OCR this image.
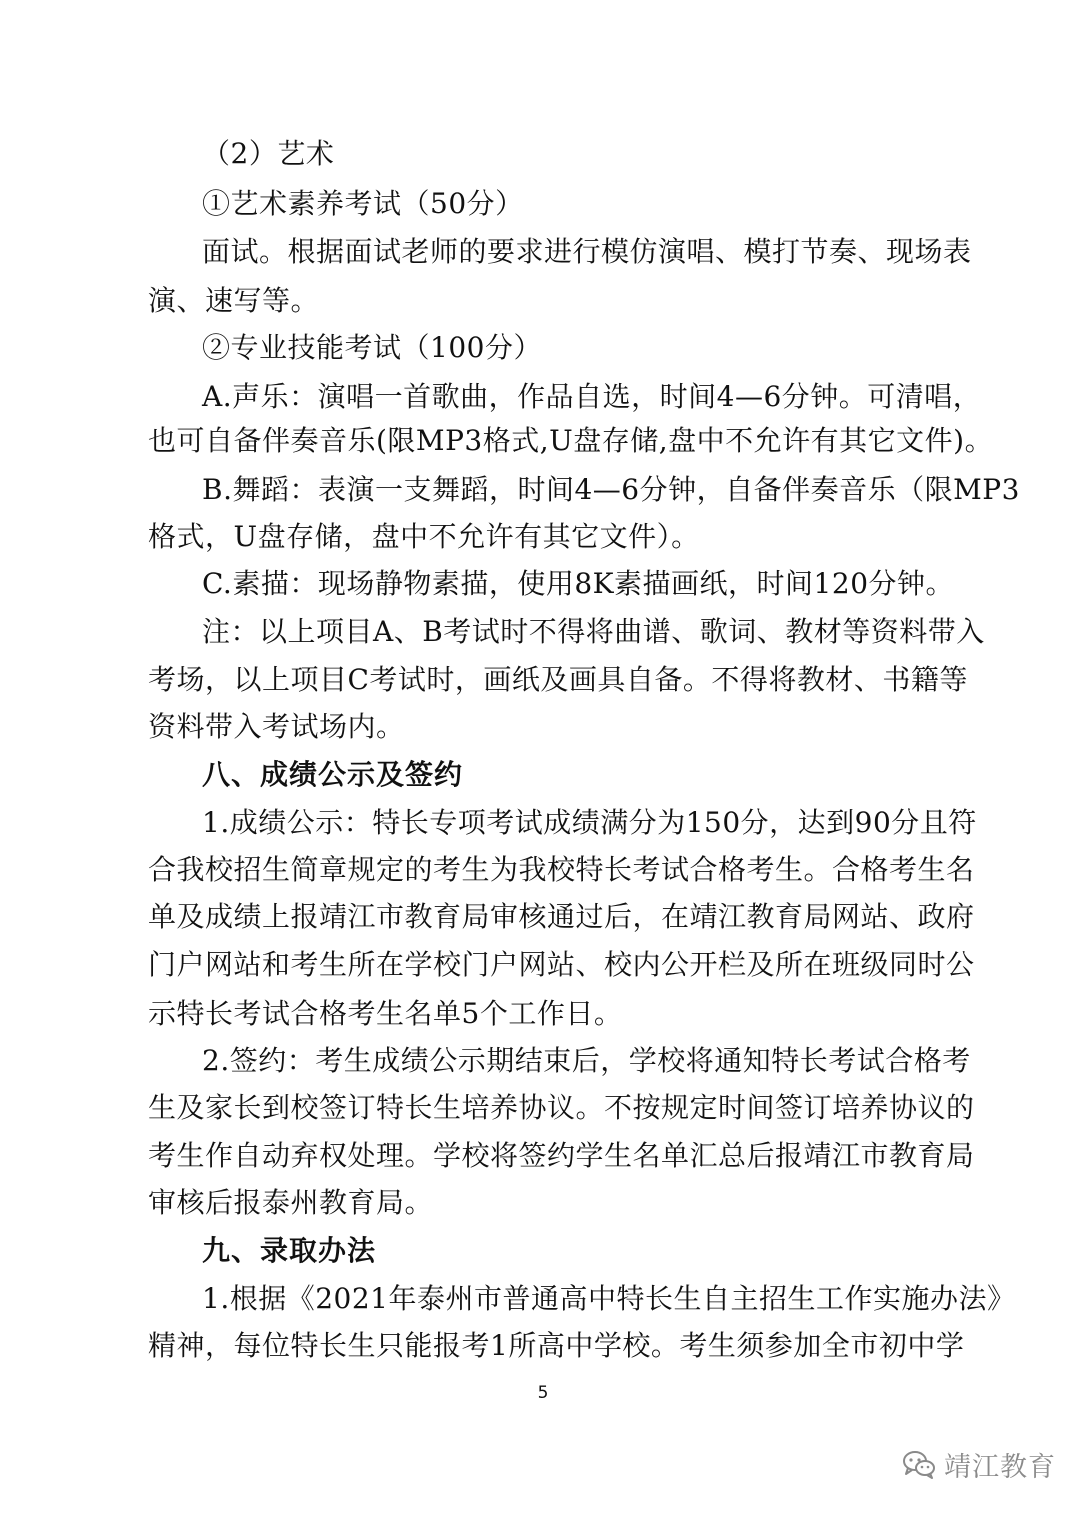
（2）艺术
①艺术素养考试（50分）
面试。根据面试老师的要求进行模仿演唱、模打节奏、现场表
演、速写等。
②专业技能考试（100分）
A.声乐：演唱一首歌曲，作品自选，时间4—6分钟。可清唱，
也可自备伴奏音乐(限MP3格式,U盘存储,盘中不允许有其它文件)。
B.舞蹈：表演一支舞蹈，时间4—6分钟，自备伴奏音乐（限MP3
格式，U盘存储，盘中不允许有其它文件）。
C.素描：现场静物素描，使用8K素描画纸，时间120分钟。
注：以上项目A、B考试时不得将曲谱、歌词、教材等资料带入
考场，以上项目C考试时，画纸及画具自备。不得将教材、书籍等
资料带入考试场内。
八、成绩公示及签约
1.成绩公示：特长专项考试成绩满分为150分，达到90分且符
合我校招生简章规定的考生为我校特长考试合格考生。合格考生名
单及成绩上报靖江市教育局审核通过后，在靖江教育局网站、政府
门户网站和考生所在学校门户网站、校内公开栏及所在班级同时公
示特长考试合格考生名单5个工作日。
2.签约：考生成绩公示期结束后，学校将通知特长考试合格考
生及家长到校签订特长生培养协议。不按规定时间签订培养协议的
考生作自动弃权处理。学校将签约学生名单汇总后报靖江市教育局
审核后报泰州教育局。
九、录取办法
1.根据《2021年泰州市普通高中特长生自主招生工作实施办法》
精神，每位特长生只能报考1所高中学校。考生须参加全市初中学
5
靖江教育
